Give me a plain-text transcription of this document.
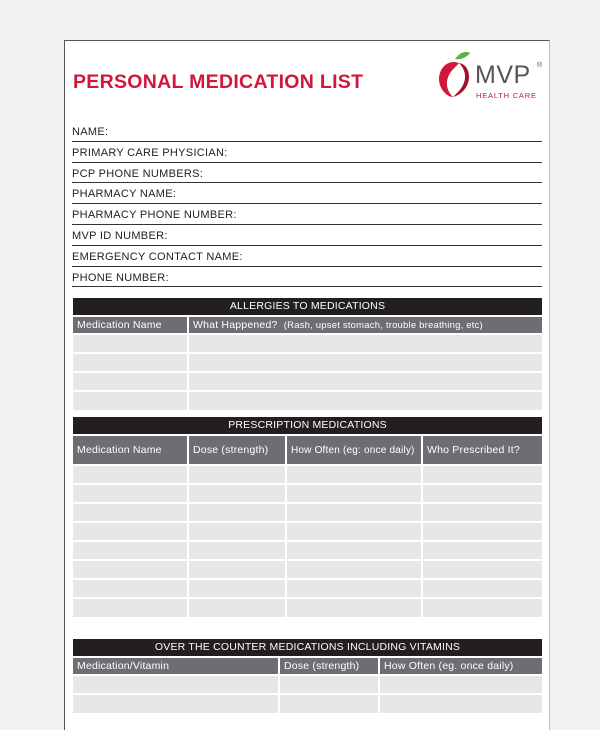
PERSONAL MEDICATION LIST	MVP ®
HEALTH CARE
NAME:
PRIMARY CARE PHYSICIAN:
PCP PHONE NUMBERS:
PHARMACY NAME:
PHARMACY PHONE NUMBER:
MVP ID NUMBER:
EMERGENCY CONTACT NAME:
PHONE NUMBER:
ALLERGIES TO MEDICATIONS
Medication Name	What Happened? (Rash, upset stomach, trouble breathing, etc)

PRESCRIPTION MEDICATIONS
Medication Name	Dose (strength)	How Often (eg: once daily)	Who Prescribed It?

OVER THE COUNTER MEDICATIONS INCLUDING VITAMINS
Medication/Vitamin	Dose (strength)	How Often (eg. once daily)
